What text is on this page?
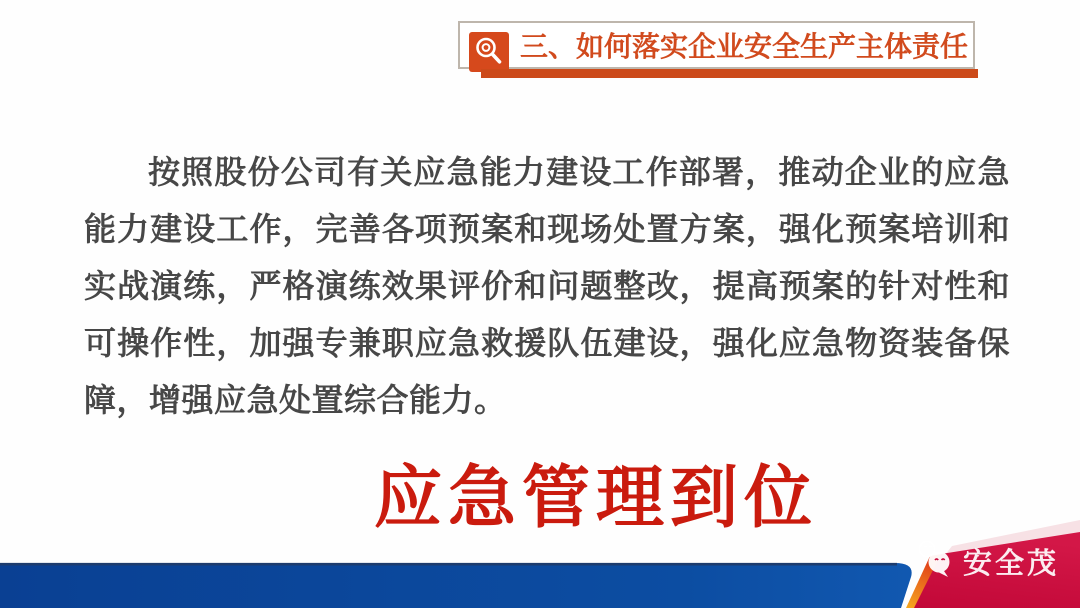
三、如何落实企业安全生产主体责任
按照股份公司有关应急能力建设工作部署，推动企业的应急能力建设工作，完善各项预案和现场处置方案，强化预案培训和实战演练，严格演练效果评价和问题整改，提高预案的针对性和可操作性，加强专兼职应急救援队伍建设，强化应急物资装备保障，增强应急处置综合能力。
应急管理到位
安全茂
